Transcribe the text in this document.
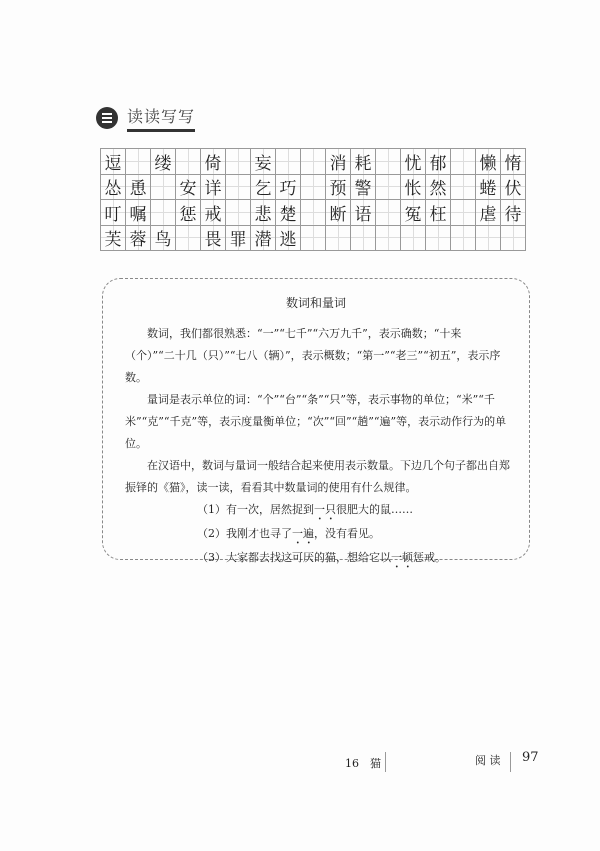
读读写写
逗 缕 倚 妄	消 耗 忧 郁 懒 惰
怂 恿 安 详 乞 巧 预 警 怅 然 蜷 伏
叮 嘱 惩 戒 悲 楚 断 语 冤 枉 虐 待
芙 蓉 鸟 畏 罪 潜 逃
数词和量词

数词，我们都很熟悉：“一”“七千”“六万九千”，表示确数；“十来（个）”“二十几（只）”“七八（辆）”，表示概数；“第一”“老三”“初五”，表示序数。

量词是表示单位的词：“个”“台”“条”“只”等，表示事物的单位；“米”“千米”“克”“千克”等，表示度量衡单位；“次”“回”“趟”“遍”等，表示动作行为的单位。

在汉语中，数词与量词一般结合起来使用表示数量。下边几个句子都出自郑振铎的《猫》，读一读，看看其中数量词的使用有什么规律。

（1）有一次，居然捉到一只很肥大的鼠……

（2）我刚才也寻了一遍，没有看见。

（3）大家都去找这可厌的猫，想给它以一顿惩戒。

16　猫	阅 读 97
